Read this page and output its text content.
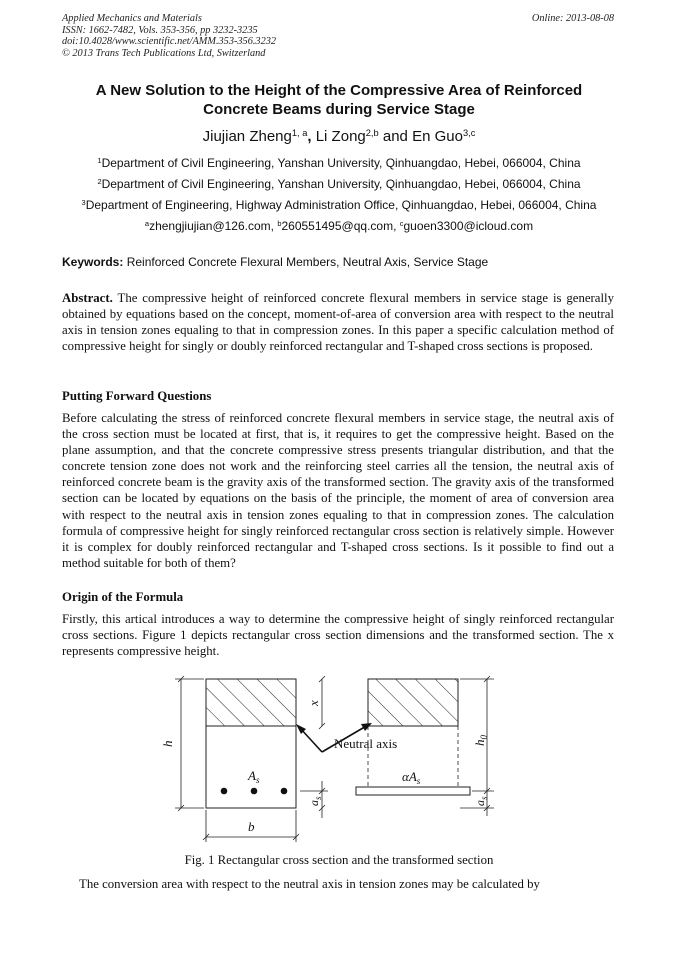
Applied Mechanics and Materials
ISSN: 1662-7482, Vols. 353-356, pp 3232-3235
doi:10.4028/www.scientific.net/AMM.353-356.3232
© 2013 Trans Tech Publications Ltd, Switzerland
Online: 2013-08-08
A New Solution to the Height of the Compressive Area of Reinforced Concrete Beams during Service Stage
Jiujian Zheng$^{1, a}$, Li Zong$^{2,b}$ and En Guo$^{3,c}$
$^1$Department of Civil Engineering, Yanshan University, Qinhuangdao, Hebei, 066004, China
$^2$Department of Civil Engineering, Yanshan University, Qinhuangdao, Hebei, 066004, China
$^3$Department of Engineering, Highway Administration Office, Qinhuangdao, Hebei, 066004, China
$^a$zhengjiujian@126.com, $^b$260551495@qq.com, $^c$guoen3300@icloud.com
Keywords: Reinforced Concrete Flexural Members, Neutral Axis, Service Stage
Abstract. The compressive height of reinforced concrete flexural members in service stage is generally obtained by equations based on the concept, moment-of-area of conversion area with respect to the neutral axis in tension zones equaling to that in compression zones. In this paper a specific calculation method of compressive height for singly or doubly reinforced rectangular and T-shaped cross sections is proposed.
Putting Forward Questions
Before calculating the stress of reinforced concrete flexural members in service stage, the neutral axis of the cross section must be located at first, that is, it requires to get the compressive height. Based on the plane assumption, and that the concrete compressive stress presents triangular distribution, and that the concrete tension zone does not work and the reinforcing steel carries all the tension, the neutral axis of reinforced concrete beam is the gravity axis of the transformed section. The gravity axis of the transformed section can be located by equations on the basis of the principle, the moment of area of conversion area with respect to the neutral axis in tension zones equaling to that in compression zones. The calculation formula of compressive height for singly reinforced rectangular cross section is relatively simple. However it is complex for doubly reinforced rectangular and T-shaped cross sections. Is it possible to find out a method suitable for both of them?
Origin of the Formula
Firstly, this artical introduces a way to determine the compressive height of singly reinforced rectangular cross sections. Figure 1 depicts rectangular cross section dimensions and the transformed section. The x represents compressive height.
h
x
$a_s$
b
$A_s$	$\alpha A_s$
$h_0$
$a_s$
Neutral axis
Fig. 1 Rectangular cross section and the transformed section
The conversion area with respect to the neutral axis in tension zones may be calculated by
